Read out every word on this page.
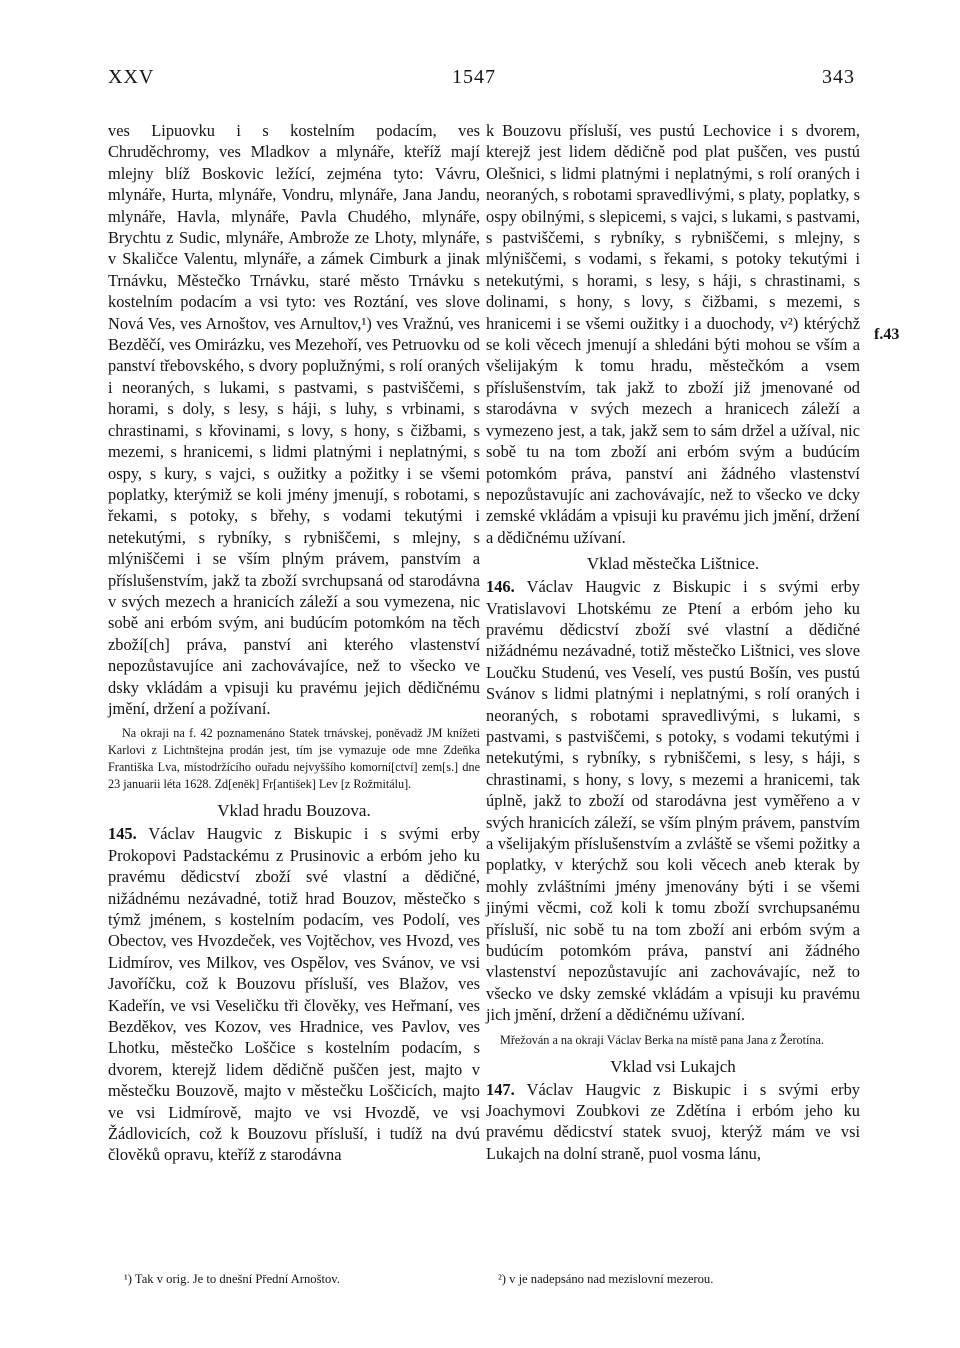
XXV	1547	343

ves Lipuovku i s kostelním podacím, ves Chruděchromy, ves Mladkov a mlynáře, kteříž mají mlejny blíž Boskovic ležící, zejména tyto: Vávru, mlynáře, Hurta, mlynáře, Vondru, mlynáře, Jana Jandu, mlynáře, Havla, mlynáře, Pavla Chudého, mlynáře, Brychtu z Sudic, mlynáře, Ambrože ze Lhoty, mlynáře, v Skaličce Valentu, mlynáře, a zámek Cimburk a jinak Trnávku, Městečko Trnávku, staré město Trnávku s kostelním podacím a vsi tyto: ves Roztání, ves slove Nová Ves, ves Arnoštov, ves Arnultov,¹) ves Vražnú, ves Bezděčí, ves Omirázku, ves Mezehoří, ves Petruovku od panství třebovského, s dvory poplužnými, s rolí oraných i neoraných, s lukami, s pastvami, s pastviščemi, s horami, s doly, s lesy, s háji, s luhy, s vrbinami, s chrastinami, s křovinami, s lovy, s hony, s čižbami, s mezemi, s hranicemi, s lidmi platnými i neplatnými, s ospy, s kury, s vajci, s oužitky a požitky i se všemi poplatky, kterýmiž se koli jmény jmenují, s robotami, s řekami, s potoky, s břehy, s vodami tekutými i netekutými, s rybníky, s rybniščemi, s mlejny, s mlýniščemi i se vším plným právem, panstvím a příslušenstvím, jakž ta zboží svrchupsaná od starodávna v svých mezech a hranicích záleží a sou vymezena, nic sobě ani erbóm svým, ani budúcím potomkóm na těch zboží[ch] práva, panství ani kterého vlastenství nepozůstavujíce ani zachovávajíce, než to všecko ve dsky vkládám a vpisuji ku pravému jejich dědičnému jmění, držení a požívaní.

Na okraji na f. 42 poznamenáno Statek trnávskej, poněvadž JM knížeti Karlovi z Lichtnštejna prodán jest, tím jse vymazuje ode mne Zdeňka Františka Lva, místodržícího ouřadu nejvyššího komorní[ctví] zem[s.] dne 23 januarii léta 1628. Zd[eněk] Fr[antišek] Lev [z Rožmitálu].

Vklad hradu Bouzova.

145. Václav Haugvic z Biskupic i s svými erby Prokopovi Padstackému z Prusinovic a erbóm jeho ku pravému dědicství zboží své vlastní a dědičné, nižádnému nezávadné, totiž hrad Bouzov, městečko s týmž jménem, s kostelním podacím, ves Podolí, ves Obectov, ves Hvozdeček, ves Vojtěchov, ves Hvozd, ves Lidmírov, ves Milkov, ves Ospělov, ves Svánov, ve vsi Javoříčku, což k Bouzovu přísluší, ves Blažov, ves Kadeřín, ve vsi Veseličku tři člověky, ves Heřmaní, ves Bezděkov, ves Kozov, ves Hradnice, ves Pavlov, ves Lhotku, městečko Loščice s kostelním podacím, s dvorem, kterejž lidem dědičně puščen jest, majto v městečku Bouzově, majto v městečku Loščicích, majto ve vsi Lidmírově, majto ve vsi Hvozdě, ve vsi Žádlovicích, což k Bouzovu přísluší, i tudíž na dvú člověků opravu, kteříž z starodávna

k Bouzovu přísluší, ves pustú Lechovice i s dvorem, kterejž jest lidem dědičně pod plat puščen, ves pustú Olešnici, s lidmi platnými i neplatnými, s rolí oraných i neoraných, s robotami spravedlivými, s platy, poplatky, s ospy obilnými, s slepicemi, s vajci, s lukami, s pastvami, s pastviščemi, s rybníky, s rybniščemi, s mlejny, s mlýniščemi, s vodami, s řekami, s potoky tekutými i netekutými, s horami, s lesy, s háji, s chrastinami, s dolinami, s hony, s lovy, s čižbami, s mezemi, s hranicemi i se všemi oužitky i a duochody, v²) ktérýchž se koli věcech jmenují a shledáni býti mohou se vším a všelijakým k tomu hradu, městečkóm a vsem příslušenstvím, tak jakž to zboží již jmenované od starodávna v svých mezech a hranicech záleží a vymezeno jest, a tak, jakž sem to sám držel a užíval, nic sobě tu na tom zboží ani erbóm svým a budúcím potomkóm práva, panství ani žádného vlastenství nepozůstavujíc ani zachovávajíc, než to všecko ve dcky zemské vkládám a vpisuji ku pravému jich jmění, držení a dědičnému užívaní.

Vklad městečka Lištnice.

146. Václav Haugvic z Biskupic i s svými erby Vratislavovi Lhotskému ze Ptení a erbóm jeho ku pravému dědicství zboží své vlastní a dědičné nižádnému nezávadné, totiž městečko Lištnici, ves slove Loučku Studenú, ves Veselí, ves pustú Bošín, ves pustú Svánov s lidmi platnými i neplatnými, s rolí oraných i neoraných, s robotami spravedlivými, s lukami, s pastvami, s pastviščemi, s potoky, s vodami tekutými i netekutými, s rybníky, s rybniščemi, s lesy, s háji, s chrastinami, s hony, s lovy, s mezemi a hranicemi, tak úplně, jakž to zboží od starodávna jest vyměřeno a v svých hranicích záleží, se vším plným právem, panstvím a všelijakým příslušenstvím a zvláště se všemi požitky a poplatky, v kterýchž sou koli věcech aneb kterak by mohly zvláštními jmény jmenovány býti i se všemi jinými věcmi, což koli k tomu zboží svrchupsanému přísluší, nic sobě tu na tom zboží ani erbóm svým a budúcím potomkóm práva, panství ani žádného vlastenství nepozůstavujíc ani zachovávajíc, než to všecko ve dsky zemské vkládám a vpisuji ku pravému jich jmění, držení a dědičnému užívaní.

Mřežován a na okraji Václav Berka na místě pana Jana z Žerotína.

Vklad vsi Lukajch

147. Václav Haugvic z Biskupic i s svými erby Joachymovi Zoubkovi ze Zdětína i erbóm jeho ku pravému dědicství statek svuoj, kterýž mám ve vsi Lukajch na dolní straně, puol vosma lánu,

f.43
¹) Tak v orig. Je to dnešní Přední Arnoštov.	²) v je nadepsáno nad mezislovní mezerou.
